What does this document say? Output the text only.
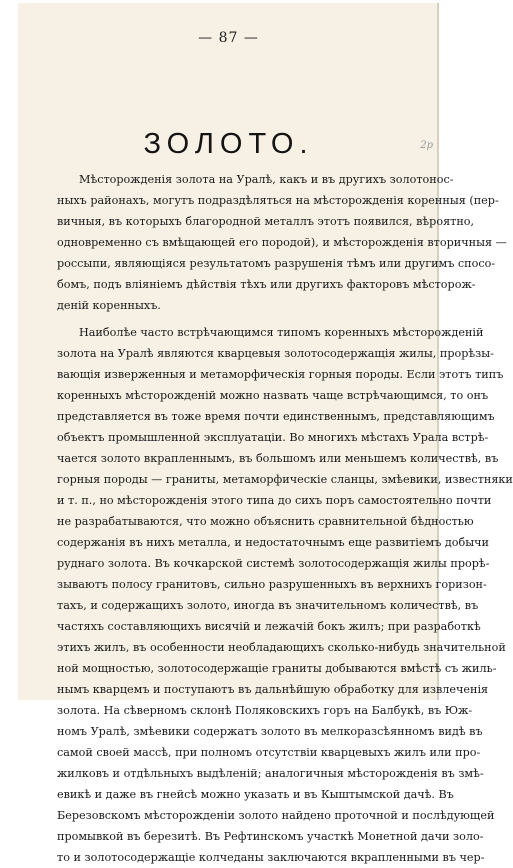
— 87 —
2р
ЗОЛОТО.
Мѣсторожденія золота на Уралѣ, какъ и въ другихъ золотонос-
ныхъ районахъ, могутъ подраздѣляться на мѣсторожденія коренныя (пер-
вичныя, въ которыхъ благородной металлъ этотъ появился, вѣроятно,
одновременно съ вмѣщающей его породой), и мѣсторожденія вторичныя —
россыпи, являющіяся результатомъ разрушенія тѣмъ или другимъ спосо-
бомъ, подъ вліяніемъ дѣйствія тѣхъ или другихъ факторовъ мѣсторож-
деній коренныхъ.
Наиболѣе часто встрѣчающимся типомъ коренныхъ мѣсторожденій
золота на Уралѣ являются кварцевыя золотосодержащія жилы, прорѣзы-
вающія изверженныя и метаморфическія горныя породы. Если этотъ типъ
коренныхъ мѣсторожденій можно назвать чаще встрѣчающимся, то онъ
представляется въ тоже время почти единственнымъ, представляющимъ
объектъ промышленной эксплуатаціи. Во многихъ мѣстахъ Урала встрѣ-
чается золото вкрапленнымъ, въ большомъ или меньшемъ количествѣ, въ
горныя породы — граниты, метаморфическіе сланцы, змѣевики, известняки
и т. п., но мѣсторожденія этого типа до сихъ поръ самостоятельно почти
не разрабатываются, что можно объяснить сравнительной бѣдностью
содержанія въ нихъ металла, и недостаточнымъ еще развитіемъ добычи
руднаго золота. Въ кочкарской системѣ золотосодержащія жилы прорѣ-
зываютъ полосу гранитовъ, сильно разрушенныхъ въ верхнихъ горизон-
тахъ, и содержащихъ золото, иногда въ значительномъ количествѣ, въ
частяхъ составляющихъ висячій и лежачій бокъ жилъ; при разработкѣ
этихъ жилъ, въ особенности необладающихъ сколько-нибудь значительной
ной мощностью, золотосодержащіе граниты добываются вмѣстѣ съ жиль-
нымъ кварцемъ и поступаютъ въ дальнѣйшую обработку для извлеченія
золота. На сѣверномъ склонѣ Поляковскихъ горъ на Балбукѣ, въ Юж-
номъ Уралѣ, змѣевики содержатъ золото въ мелкоразсѣянномъ видѣ въ
самой своей массѣ, при полномъ отсутствіи кварцевыхъ жилъ или про-
жилковъ и отдѣльныхъ выдѣленій; аналогичныя мѣсторожденія въ змѣ-
евикѣ и даже въ гнейсѣ можно указать и въ Кыштымской дачѣ. Въ
Березовскомъ мѣсторожденіи золото найдено проточной и послѣдующей
промывкой въ березитѣ. Въ Рефтинскомъ участкѣ Монетной дачи золо-
то и золотосодержащіе колчеданы заключаются вкрапленными въ чер-
